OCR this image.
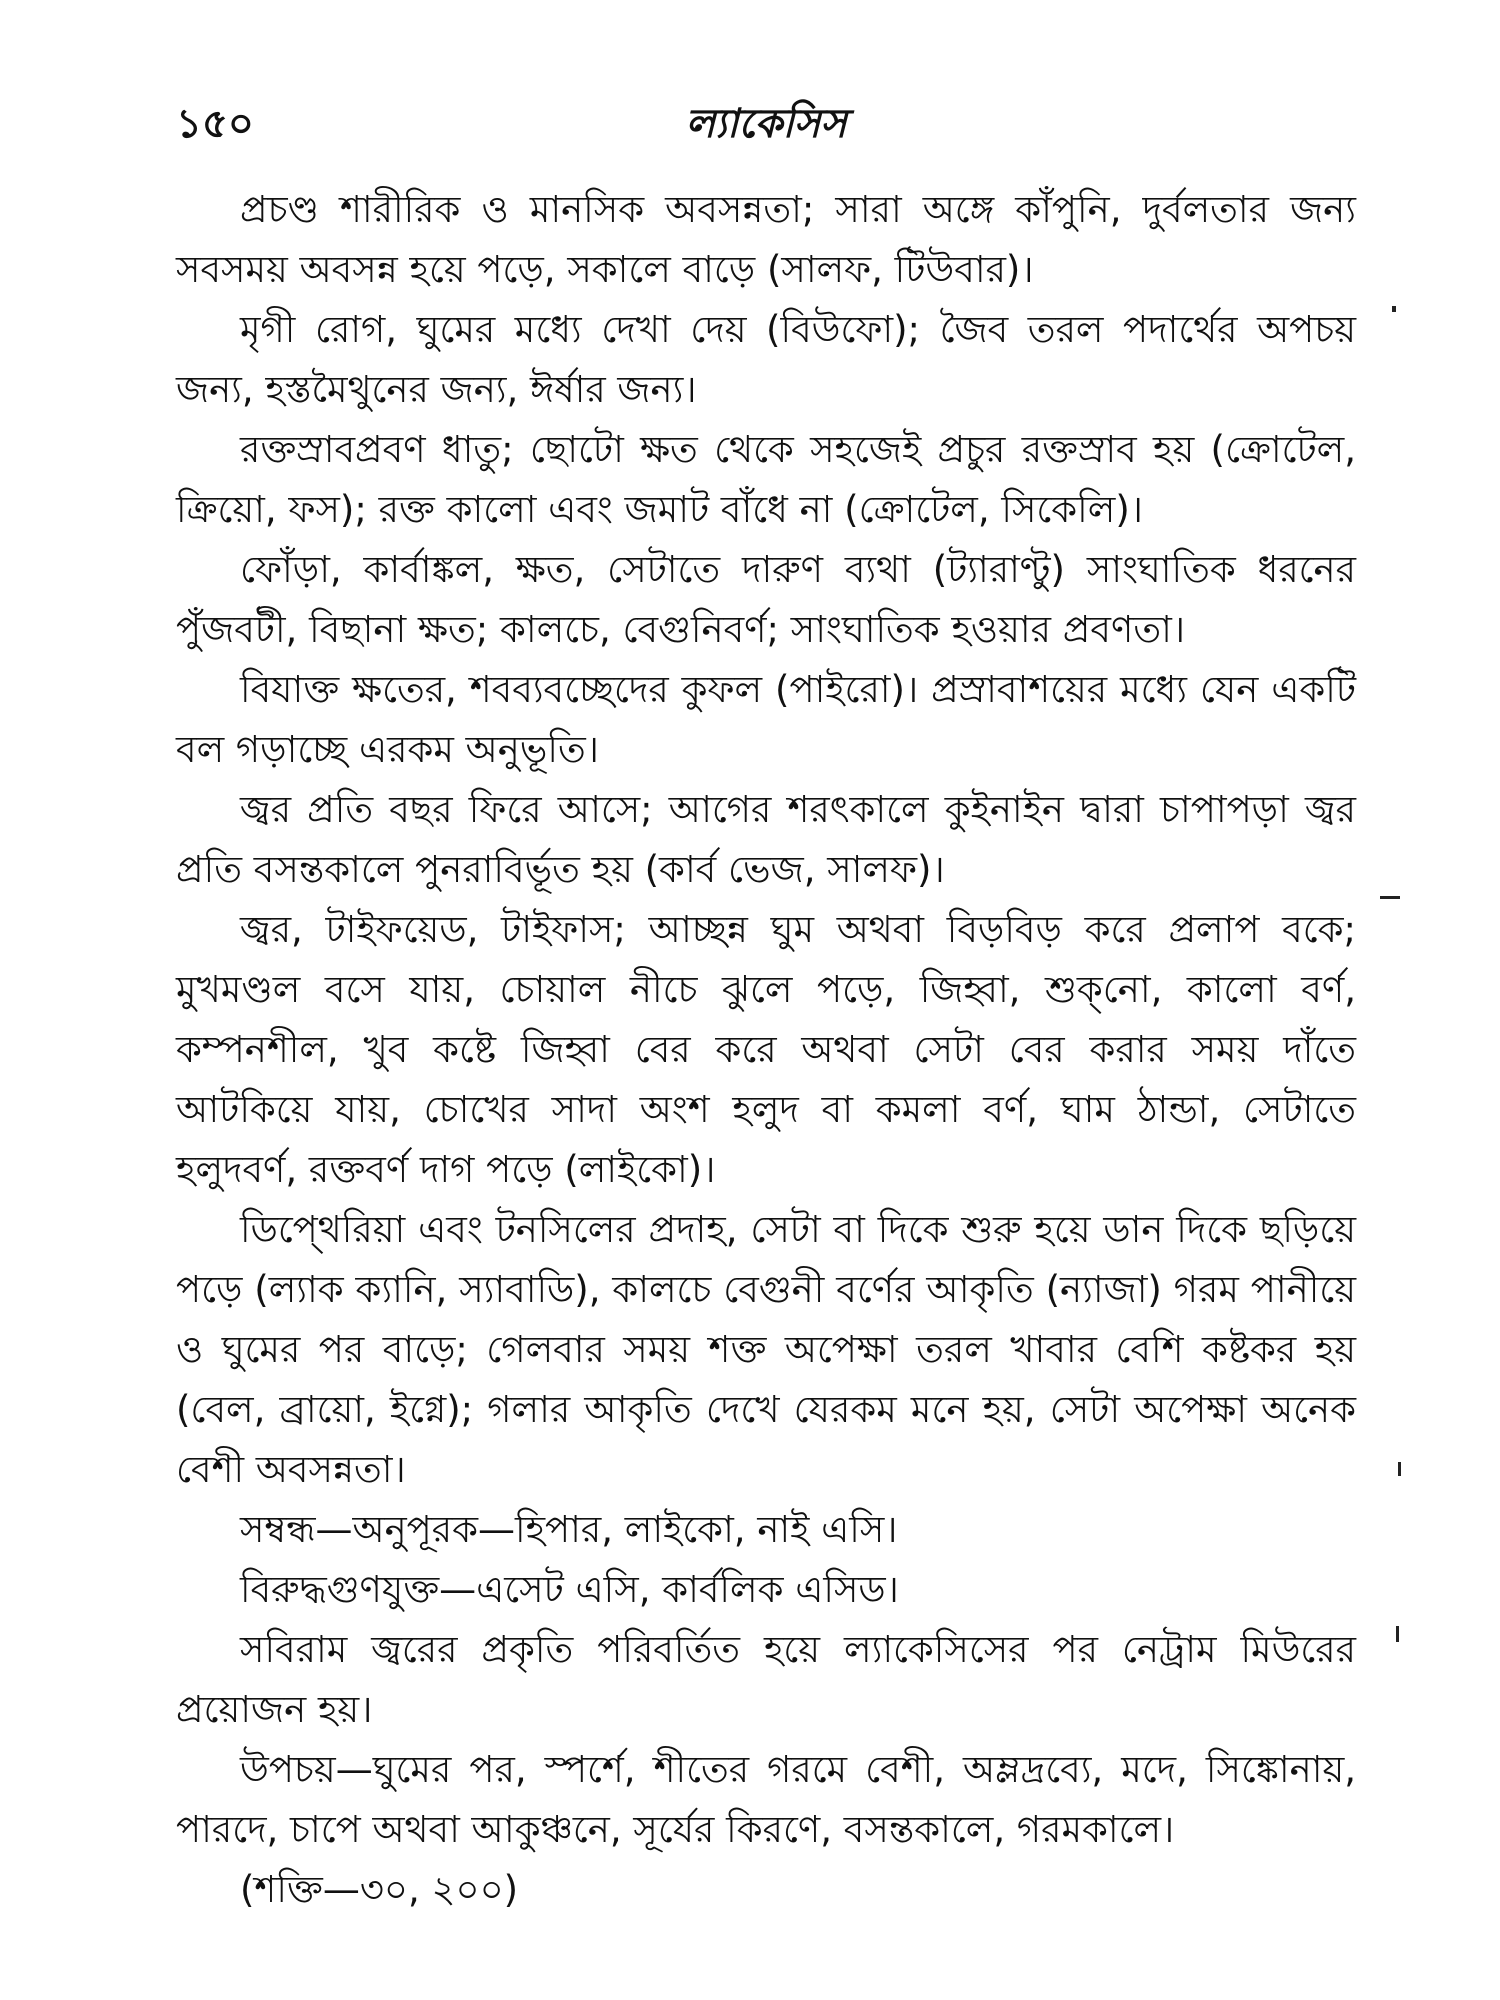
১৫০	ল্যাকেসিস

প্রচণ্ড শারীরিক ও মানসিক অবসন্নতা; সারা অঙ্গে কাঁপুনি, দুর্বলতার জন্য সবসময় অবসন্ন হয়ে পড়ে, সকালে বাড়ে (সালফ, টিউবার)।

মৃগী রোগ, ঘুমের মধ্যে দেখা দেয় (বিউফো); জৈব তরল পদার্থের অপচয় জন্য, হস্তমৈথুনের জন্য, ঈর্ষার জন্য।

রক্তস্রাবপ্রবণ ধাতু; ছোটো ক্ষত থেকে সহজেই প্রচুর রক্তস্রাব হয় (ক্রোটেল, ক্রিয়ো, ফস); রক্ত কালো এবং জমাট বাঁধে না (ক্রোটেল, সিকেলি)।

ফোঁড়া, কার্বাঙ্কল, ক্ষত, সেটাতে দারুণ ব্যথা (ট্যারাণ্টু) সাংঘাতিক ধরনের পুঁজবটী, বিছানা ক্ষত; কালচে, বেগুনিবর্ণ; সাংঘাতিক হওয়ার প্রবণতা।

বিযাক্ত ক্ষতের, শবব্যবচ্ছেদের কুফল (পাইরো)। প্রস্রাবাশয়ের মধ্যে যেন একটি বল গড়াচ্ছে এরকম অনুভূতি।

জ্বর প্রতি বছর ফিরে আসে; আগের শরৎকালে কুইনাইন দ্বারা চাপাপড়া জ্বর প্রতি বসন্তকালে পুনরাবির্ভূত হয় (কার্ব ভেজ, সালফ)।

জ্বর, টাইফয়েড, টাইফাস; আচ্ছন্ন ঘুম অথবা বিড়বিড় করে প্রলাপ বকে; মুখমণ্ডল বসে যায়, চোয়াল নীচে ঝুলে পড়ে, জিহ্বা, শুক্‌নো, কালো বর্ণ, কম্পনশীল, খুব কষ্টে জিহ্বা বের করে অথবা সেটা বের করার সময় দাঁতে আটকিয়ে যায়, চোখের সাদা অংশ হলুদ বা কমলা বর্ণ, ঘাম ঠান্ডা, সেটাতে হলুদবর্ণ, রক্তবর্ণ দাগ পড়ে (লাইকো)।

ডিপ্থেরিয়া এবং টনসিলের প্রদাহ, সেটা বা দিকে শুরু হয়ে ডান দিকে ছড়িয়ে পড়ে (ল্যাক ক্যানি, স্যাবাডি), কালচে বেগুনী বর্ণের আকৃতি (ন্যাজা) গরম পানীয়ে ও ঘুমের পর বাড়ে; গেলবার সময় শক্ত অপেক্ষা তরল খাবার বেশি কষ্টকর হয় (বেল, ব্রায়ো, ইগ্নে); গলার আকৃতি দেখে যেরকম মনে হয়, সেটা অপেক্ষা অনেক বেশী অবসন্নতা।

সম্বন্ধ—অনুপূরক—হিপার, লাইকো, নাই এসি।

বিরুদ্ধগুণযুক্ত—এসেট এসি, কার্বলিক এসিড।

সবিরাম জ্বরের প্রকৃতি পরিবর্তিত হয়ে ল্যাকেসিসের পর নেট্রাম মিউরের প্রয়োজন হয়।

উপচয়—ঘুমের পর, স্পর্শে, শীতের গরমে বেশী, অম্লদ্রব্যে, মদে, সিঙ্কোনায়, পারদে, চাপে অথবা আকুঞ্চনে, সূর্যের কিরণে, বসন্তকালে, গরমকালে।

(শক্তি—৩০, ২০০)
